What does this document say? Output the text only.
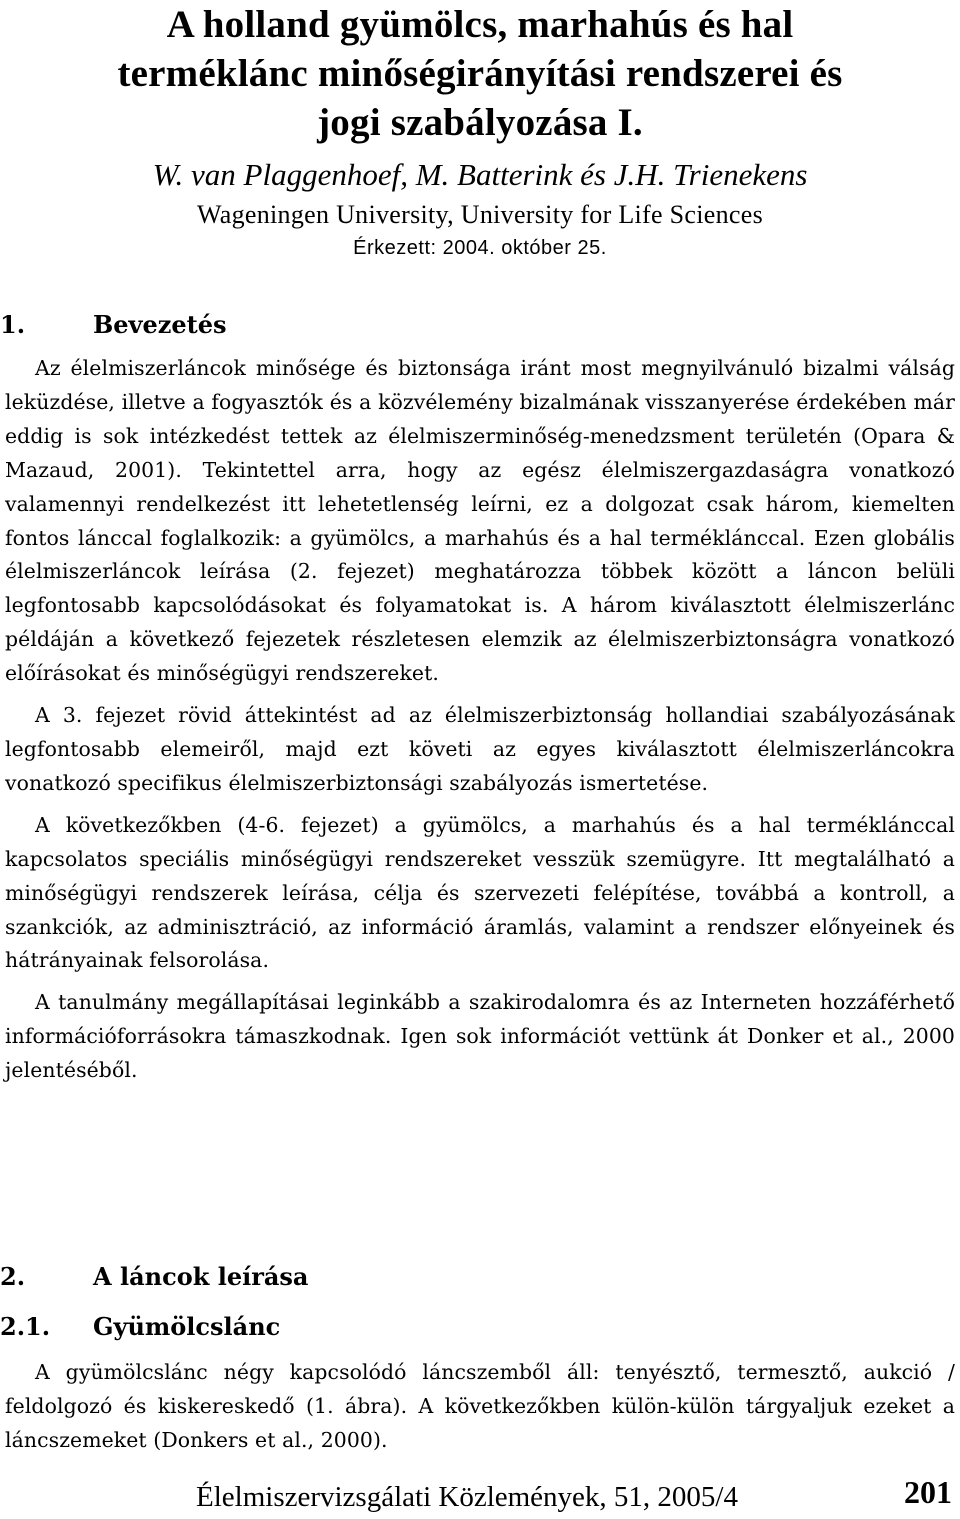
A holland gyümölcs, marhahús és hal
terméklánc minőségirányítási rendszerei és
jogi szabályozása I.
W. van Plaggenhoef, M. Batterink és J.H. Trienekens
Wageningen University, University for Life Sciences
Érkezett: 2004. október 25.
1.	Bevezetés

Az élelmiszerláncok minősége és biztonsága iránt most megnyilvánuló bizalmi válság leküzdése, illetve a fogyasztók és a közvélemény bizalmának visszanyerése érdekében már eddig is sok intézkedést tettek az élelmiszerminőség-menedzsment területén (Opara & Mazaud, 2001). Tekintettel arra, hogy az egész élelmiszergazdaságra vonatkozó valamennyi rendelkezést itt lehetetlenség leírni, ez a dolgozat csak három, kiemelten fontos lánccal foglalkozik: a gyümölcs, a marhahús és a hal terméklánccal. Ezen globális élelmiszerláncok leírása (2. fejezet) meghatározza többek között a láncon belüli legfontosabb kapcsolódásokat és folyamatokat is. A három kiválasztott élelmiszerlánc példáján a következő fejezetek részletesen elemzik az élelmiszerbiztonságra vonatkozó előírásokat és minőségügyi rendszereket.

A 3. fejezet rövid áttekintést ad az élelmiszerbiztonság hollandiai szabályozásának legfontosabb elemeiről, majd ezt követi az egyes kiválasztott élelmiszerláncokra vonatkozó specifikus élelmiszerbiztonsági szabályozás ismertetése.

A következőkben (4-6. fejezet) a gyümölcs, a marhahús és a hal terméklánccal kapcsolatos speciális minőségügyi rendszereket vesszük szemügyre. Itt megtalálható a minőségügyi rendszerek leírása, célja és szervezeti felépítése, továbbá a kontroll, a szankciók, az adminisztráció, az információ áramlás, valamint a rendszer előnyeinek és hátrányainak felsorolása.

A tanulmány megállapításai leginkább a szakirodalomra és az Interneten hozzáférhető információforrásokra támaszkodnak. Igen sok információt vettünk át Donker et al., 2000 jelentéséből.

2.	A láncok leírása
2.1. Gyümölcslánc

A gyümölcslánc négy kapcsolódó láncszemből áll: tenyésztő, termesztő, aukció / feldolgozó és kiskereskedő (1. ábra). A következőkben külön-külön tárgyaljuk ezeket a láncszemeket (Donkers et al., 2000).

Élelmiszervizsgálati Közlemények, 51, 2005/4	201
